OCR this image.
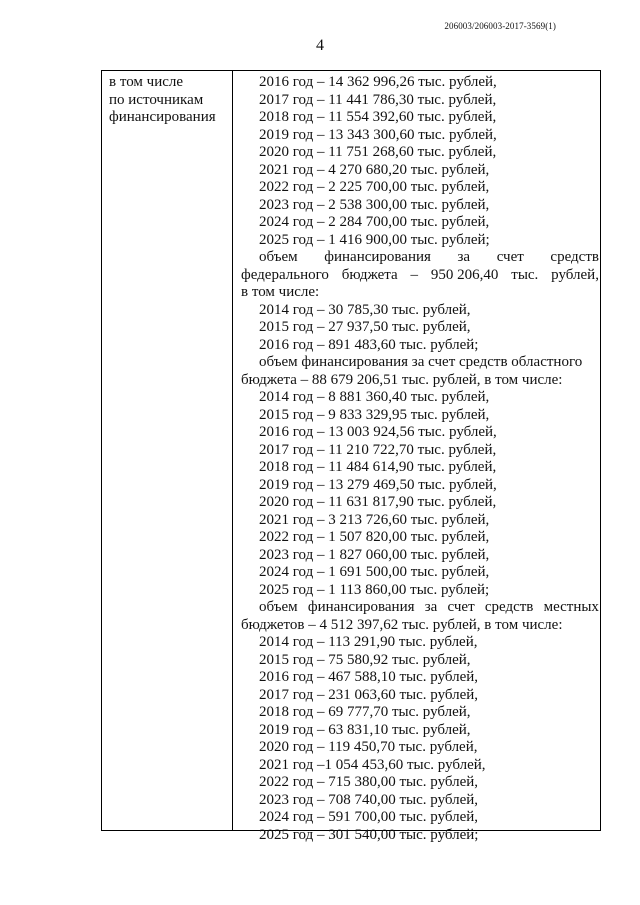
206003/206003-2017-3569(1)
4
в том числе
по источникам
финансирования
2016 год – 14 362 996,26 тыс. рублей,
2017 год – 11 441 786,30 тыс. рублей,
2018 год – 11 554 392,60 тыс. рублей,
2019 год – 13 343 300,60 тыс. рублей,
2020 год – 11 751 268,60 тыс. рублей,
2021 год – 4 270 680,20 тыс. рублей,
2022 год – 2 225 700,00 тыс. рублей,
2023 год – 2 538 300,00 тыс. рублей,
2024 год – 2 284 700,00 тыс. рублей,
2025 год – 1 416 900,00 тыс. рублей;
объем финансирования за счет средств
федерального бюджета – 950 206,40 тыс. рублей,
в том числе:
2014 год – 30 785,30 тыс. рублей,
2015 год – 27 937,50 тыс. рублей,
2016 год – 891 483,60 тыс. рублей;
объем финансирования за счет средств областного
бюджета – 88 679 206,51 тыс. рублей, в том числе:
2014 год – 8 881 360,40 тыс. рублей,
2015 год – 9 833 329,95 тыс. рублей,
2016 год – 13 003 924,56 тыс. рублей,
2017 год – 11 210 722,70 тыс. рублей,
2018 год – 11 484 614,90 тыс. рублей,
2019 год – 13 279 469,50 тыс. рублей,
2020 год – 11 631 817,90 тыс. рублей,
2021 год – 3 213 726,60 тыс. рублей,
2022 год – 1 507 820,00 тыс. рублей,
2023 год – 1 827 060,00 тыс. рублей,
2024 год – 1 691 500,00 тыс. рублей,
2025 год – 1 113 860,00 тыс. рублей;
объем финансирования за счет средств местных
бюджетов – 4 512 397,62 тыс. рублей, в том числе:
2014 год – 113 291,90 тыс. рублей,
2015 год – 75 580,92 тыс. рублей,
2016 год – 467 588,10 тыс. рублей,
2017 год – 231 063,60 тыс. рублей,
2018 год – 69 777,70 тыс. рублей,
2019 год – 63 831,10 тыс. рублей,
2020 год – 119 450,70 тыс. рублей,
2021 год –1 054 453,60 тыс. рублей,
2022 год – 715 380,00 тыс. рублей,
2023 год – 708 740,00 тыс. рублей,
2024 год – 591 700,00 тыс. рублей,
2025 год – 301 540,00 тыс. рублей;
